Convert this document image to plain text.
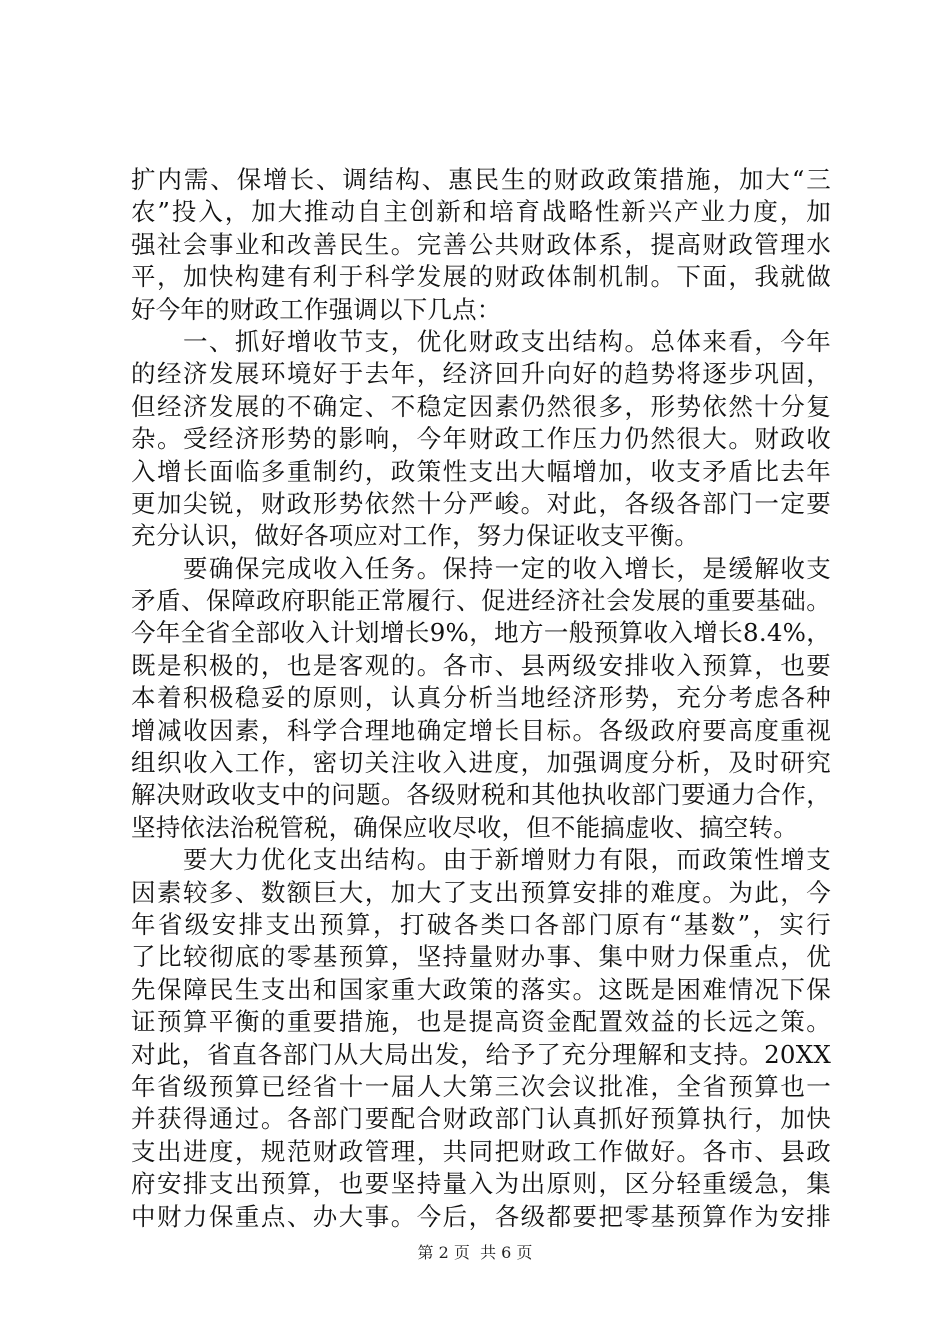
扩内需、保增长、调结构、惠民生的财政政策措施，加大“三
农”投入，加大推动自主创新和培育战略性新兴产业力度，加
强社会事业和改善民生。完善公共财政体系，提高财政管理水
平，加快构建有利于科学发展的财政体制机制。下面，我就做
好今年的财政工作强调以下几点：
　　一、抓好增收节支，优化财政支出结构。总体来看，今年
的经济发展环境好于去年，经济回升向好的趋势将逐步巩固，
但经济发展的不确定、不稳定因素仍然很多，形势依然十分复
杂。受经济形势的影响，今年财政工作压力仍然很大。财政收
入增长面临多重制约，政策性支出大幅增加，收支矛盾比去年
更加尖锐，财政形势依然十分严峻。对此，各级各部门一定要
充分认识，做好各项应对工作，努力保证收支平衡。
　　要确保完成收入任务。保持一定的收入增长，是缓解收支
矛盾、保障政府职能正常履行、促进经济社会发展的重要基础。
今年全省全部收入计划增长9%，地方一般预算收入增长8.4%，
既是积极的，也是客观的。各市、县两级安排收入预算，也要
本着积极稳妥的原则，认真分析当地经济形势，充分考虑各种
增减收因素，科学合理地确定增长目标。各级政府要高度重视
组织收入工作，密切关注收入进度，加强调度分析，及时研究
解决财政收支中的问题。各级财税和其他执收部门要通力合作，
坚持依法治税管税，确保应收尽收，但不能搞虚收、搞空转。
　　要大力优化支出结构。由于新增财力有限，而政策性增支
因素较多、数额巨大，加大了支出预算安排的难度。为此，今
年省级安排支出预算，打破各类口各部门原有“基数”，实行
了比较彻底的零基预算，坚持量财办事、集中财力保重点，优
先保障民生支出和国家重大政策的落实。这既是困难情况下保
证预算平衡的重要措施，也是提高资金配置效益的长远之策。
对此，省直各部门从大局出发，给予了充分理解和支持。20XX
年省级预算已经省十一届人大第三次会议批准，全省预算也一
并获得通过。各部门要配合财政部门认真抓好预算执行，加快
支出进度，规范财政管理，共同把财政工作做好。各市、县政
府安排支出预算，也要坚持量入为出原则，区分轻重缓急，集
中财力保重点、办大事。今后，各级都要把零基预算作为安排
第 2 页  共 6 页
